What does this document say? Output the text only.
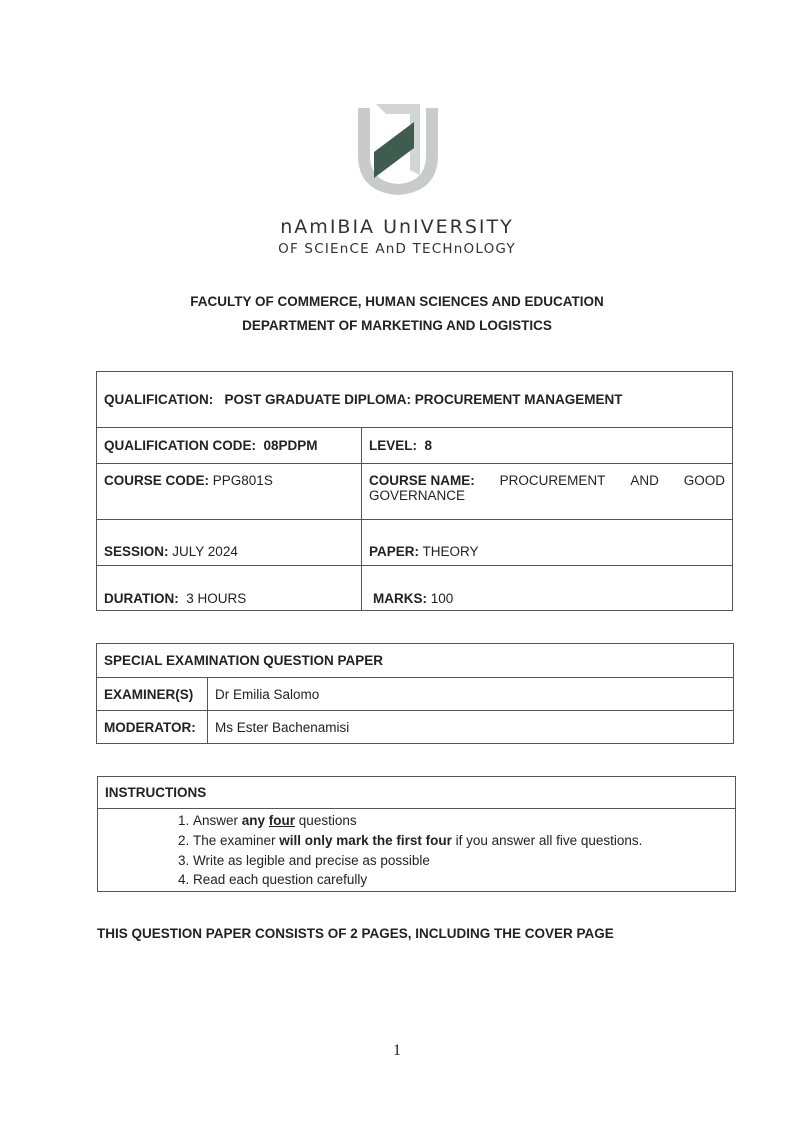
nAmIBIA UnIVERSITY
OF SCIEnCE AnD TECHnOLOGY
FACULTY OF COMMERCE, HUMAN SCIENCES AND EDUCATION
DEPARTMENT OF MARKETING AND LOGISTICS
QUALIFICATION: POST GRADUATE DIPLOMA: PROCUREMENT MANAGEMENT	
QUALIFICATION CODE: 08PDPM	LEVEL: 8
COURSE CODE: PPG801S	COURSE NAME: PROCUREMENT AND GOOD
GOVERNANCE

SESSION: JULY 2024	PAPER: THEORY
DURATION: 3 HOURS	MARKS: 100
SPECIAL EXAMINATION QUESTION PAPER	
EXAMINER(S)	Dr Emilia Salomo
MODERATOR:	Ms Ester Bachenamisi
INSTRUCTIONS

1. Answer any four questions
2. The examiner will only mark the first four if you answer all five questions.
3. Write as legible and precise as possible
4. Read each question carefully
THIS QUESTION PAPER CONSISTS OF 2 PAGES, INCLUDING THE COVER PAGE
1
